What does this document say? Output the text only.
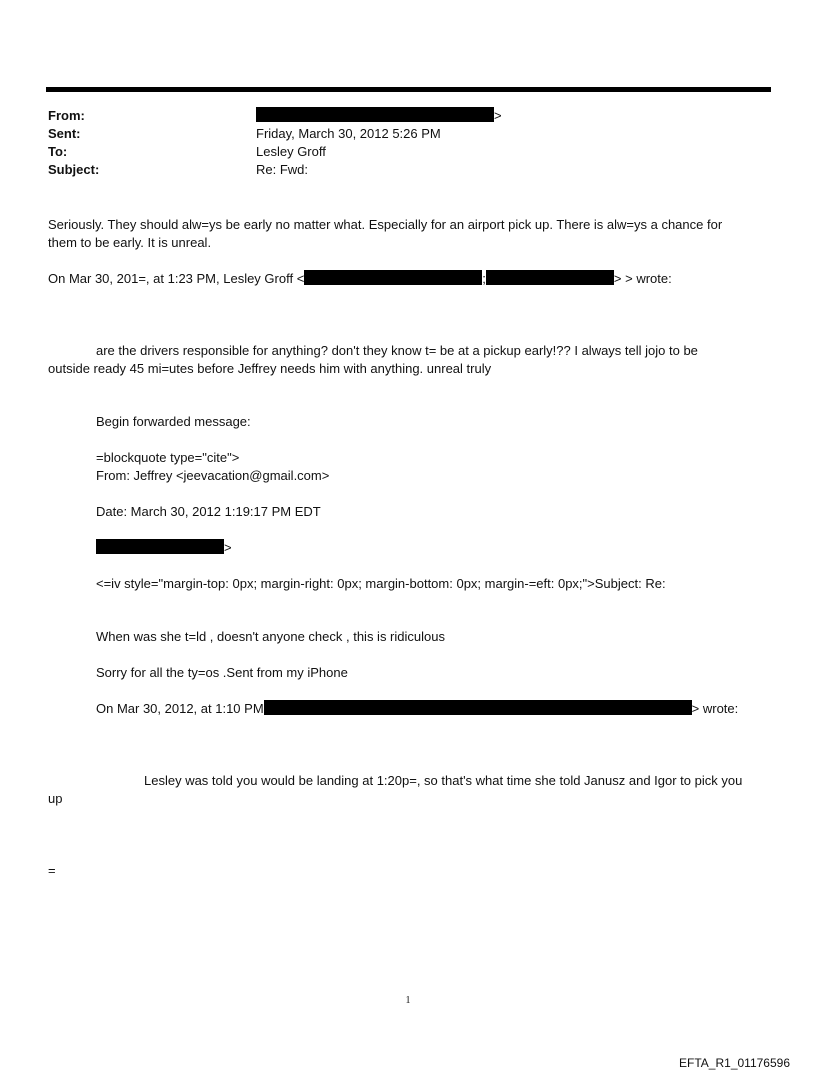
From:	>
Sent:	Friday, March 30, 2012 5:26 PM
To:	Lesley Groff
Subject:	Re: Fwd:
Seriously. They should alw=ys be early no matter what. Especially for an airport pick up. There is alw=ys a chance for
them to be early. It is unreal.
On Mar 30, 201=, at 1:23 PM, Lesley Groff <	;	> > wrote:
are the drivers responsible for anything? don't they know t= be at a pickup early!?? I always tell jojo to be
outside ready 45 mi=utes before Jeffrey needs him with anything. unreal truly
Begin forwarded message:
=blockquote type="cite">
From: Jeffrey <jeevacation@gmail.com>
Date: March 30, 2012 1:19:17 PM EDT
>
<=iv style="margin-top: 0px; margin-right: 0px; margin-bottom: 0px; margin-=eft: 0px;">Subject: Re:
When was she t=ld , doesn't anyone check , this is ridiculous
Sorry for all the ty=os .Sent from my iPhone
On Mar 30, 2012, at 1:10 PM	> wrote:
Lesley was told you would be landing at 1:20p=, so that's what time she told Janusz and Igor to pick you
up
=
1
EFTA_R1_01176596
